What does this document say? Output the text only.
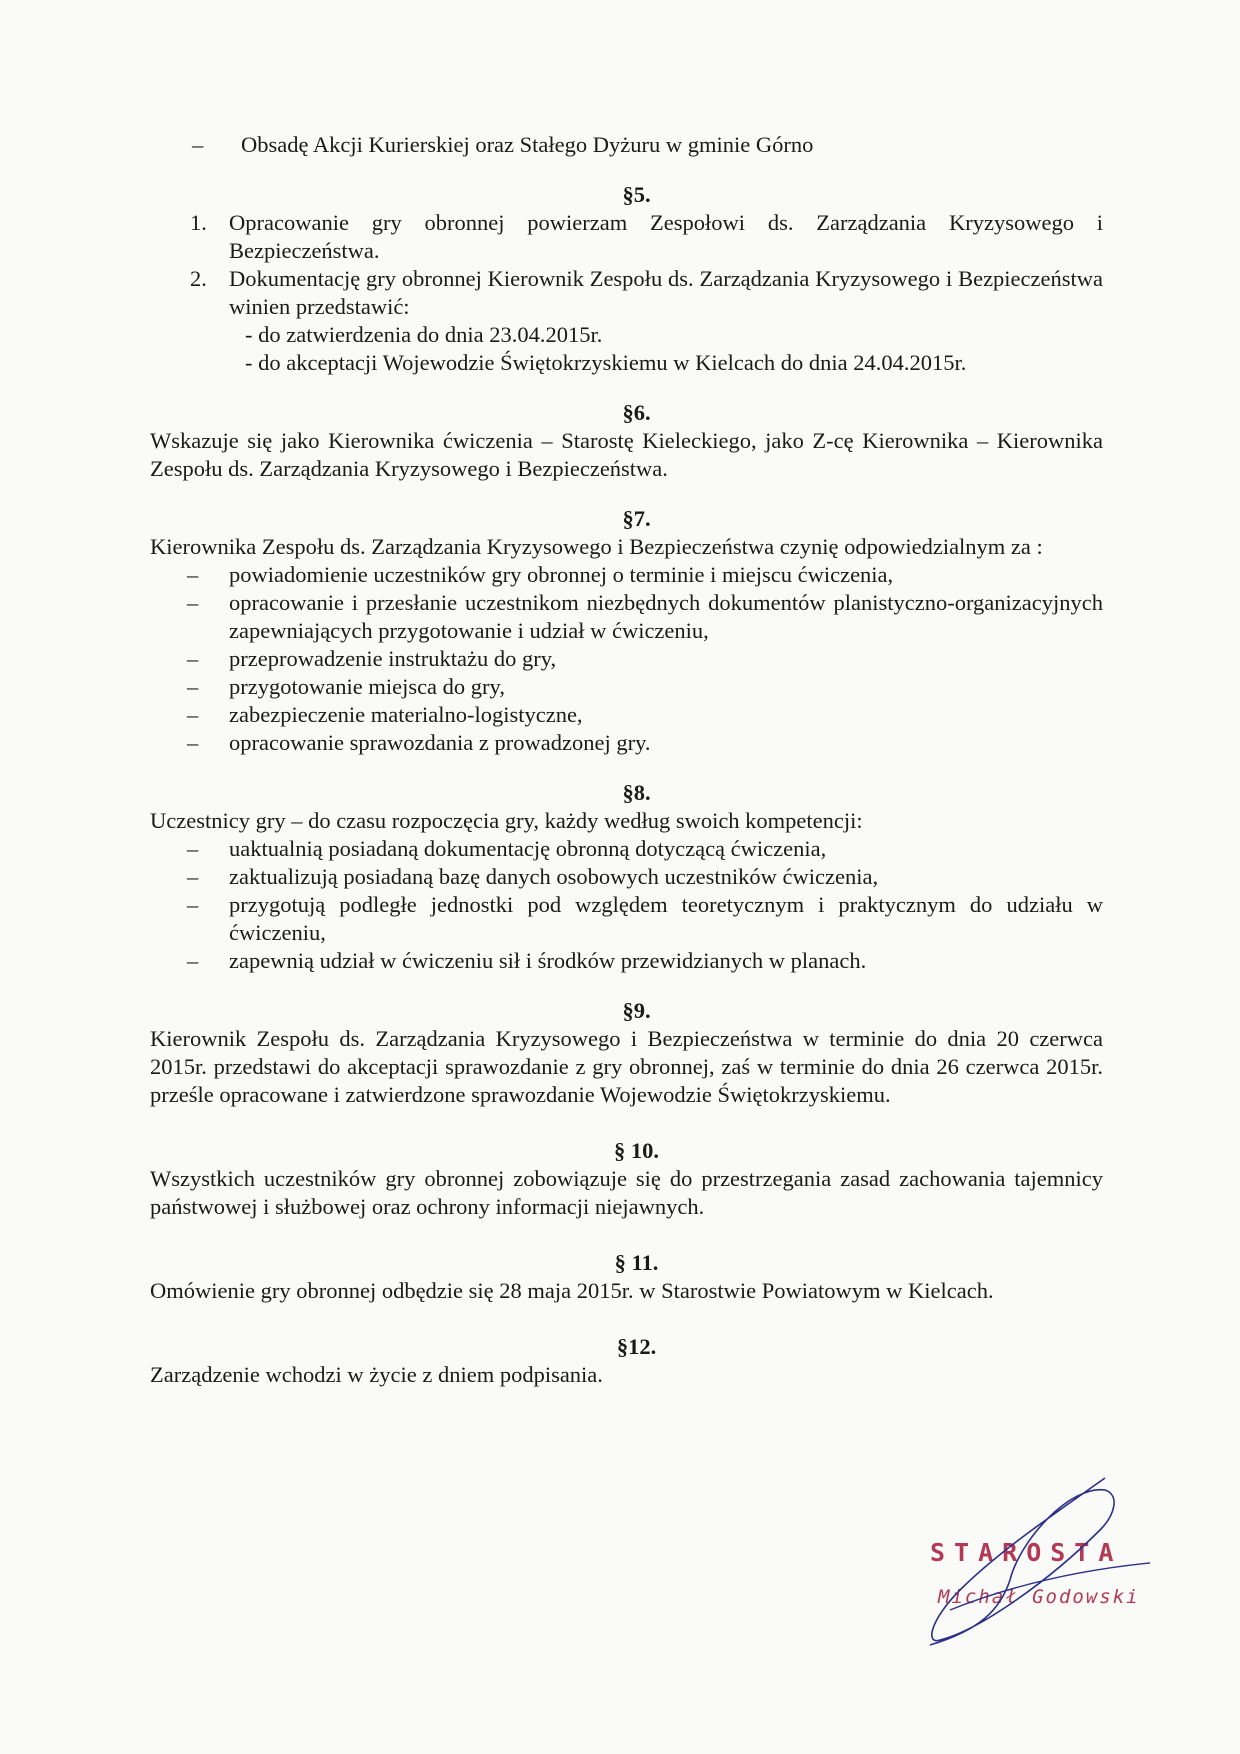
–	Obsadę Akcji Kurierskiej oraz Stałego Dyżuru w gminie Górno
§5.
1. Opracowanie gry obronnej powierzam Zespołowi ds. Zarządzania Kryzysowego i Bezpieczeństwa.
2. Dokumentację gry obronnej Kierownik Zespołu ds. Zarządzania Kryzysowego i Bezpieczeństwa winien przedstawić:
- do zatwierdzenia do dnia 23.04.2015r.
- do akceptacji Wojewodzie Świętokrzyskiemu w Kielcach do dnia 24.04.2015r.
§6.
Wskazuje się jako Kierownika ćwiczenia – Starostę Kieleckiego, jako Z-cę Kierownika – Kierownika Zespołu ds. Zarządzania Kryzysowego i Bezpieczeństwa.
§7.
Kierownika Zespołu ds. Zarządzania Kryzysowego i Bezpieczeństwa czynię odpowiedzialnym za :
–	powiadomienie uczestników gry obronnej o terminie i miejscu ćwiczenia,
–	opracowanie i przesłanie uczestnikom niezbędnych dokumentów planistyczno-organizacyjnych zapewniających przygotowanie i udział w ćwiczeniu,
–	przeprowadzenie instruktażu do gry,
–	przygotowanie miejsca do gry,
–	zabezpieczenie materialno-logistyczne,
–	opracowanie sprawozdania z prowadzonej gry.
§8.
Uczestnicy gry – do czasu rozpoczęcia gry, każdy według swoich kompetencji:
–	uaktualnią posiadaną dokumentację obronną dotyczącą ćwiczenia,
–	zaktualizują posiadaną bazę danych osobowych uczestników ćwiczenia,
–	przygotują podległe jednostki pod względem teoretycznym i praktycznym do udziału w ćwiczeniu,
–	zapewnią udział w ćwiczeniu sił i środków przewidzianych w planach.
§9.
Kierownik Zespołu ds. Zarządzania Kryzysowego i Bezpieczeństwa w terminie do dnia 20 czerwca 2015r. przedstawi do akceptacji sprawozdanie z gry obronnej, zaś w terminie do dnia 26 czerwca 2015r. prześle opracowane i zatwierdzone sprawozdanie Wojewodzie Świętokrzyskiemu.
§ 10.
Wszystkich uczestników gry obronnej zobowiązuje się do przestrzegania zasad zachowania tajemnicy państwowej i służbowej oraz ochrony informacji niejawnych.
§ 11.
Omówienie gry obronnej odbędzie się 28 maja 2015r. w Starostwie Powiatowym w Kielcach.
§12.
Zarządzenie wchodzi w życie z dniem podpisania.
STAROSTA
Michał Godowski
